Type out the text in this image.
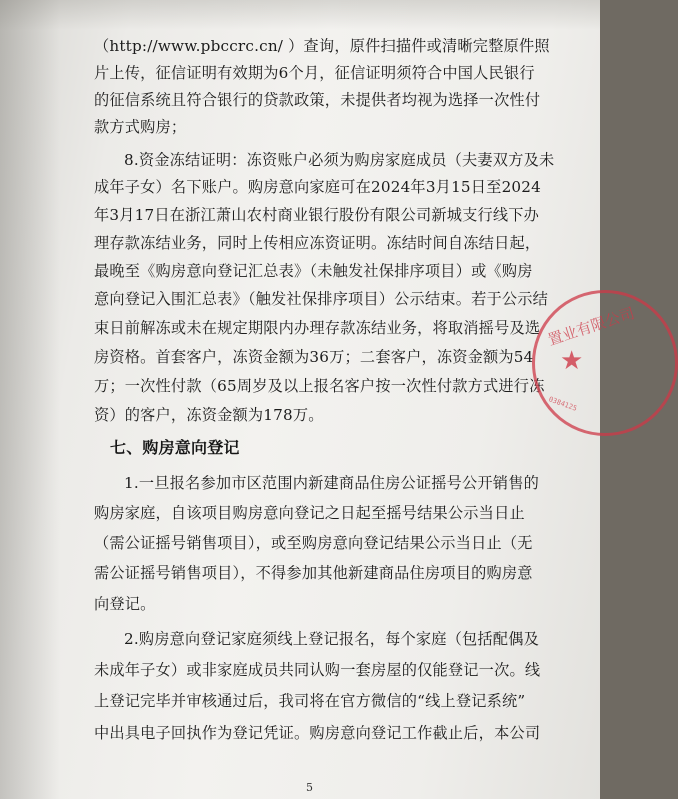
（http://www.pbccrc.cn/ ）查询，原件扫描件或清晰完整原件照
片上传，征信证明有效期为6个月，征信证明须符合中国人民银行
的征信系统且符合银行的贷款政策，未提供者均视为选择一次性付
款方式购房；
8.资金冻结证明：冻资账户必须为购房家庭成员（夫妻双方及未
成年子女）名下账户。购房意向家庭可在2024年3月15日至2024
年3月17日在浙江萧山农村商业银行股份有限公司新城支行线下办
理存款冻结业务，同时上传相应冻资证明。冻结时间自冻结日起，
最晚至《购房意向登记汇总表》（未触发社保排序项目）或《购房
意向登记入围汇总表》（触发社保排序项目）公示结束。若于公示结
束日前解冻或未在规定期限内办理存款冻结业务，将取消摇号及选
房资格。首套客户，冻资金额为36万；二套客户，冻资金额为54
万；一次性付款（65周岁及以上报名客户按一次性付款方式进行冻
资）的客户，冻资金额为178万。
七、购房意向登记
1.一旦报名参加市区范围内新建商品住房公证摇号公开销售的
购房家庭，自该项目购房意向登记之日起至摇号结果公示当日止
（需公证摇号销售项目），或至购房意向登记结果公示当日止（无
需公证摇号销售项目），不得参加其他新建商品住房项目的购房意
向登记。
2.购房意向登记家庭须线上登记报名，每个家庭（包括配偶及
未成年子女）或非家庭成员共同认购一套房屋的仅能登记一次。线
上登记完毕并审核通过后，我司将在官方微信的“线上登记系统”
中出具电子回执作为登记凭证。购房意向登记工作截止后，本公司
5
置业有限公司
★
0384125
